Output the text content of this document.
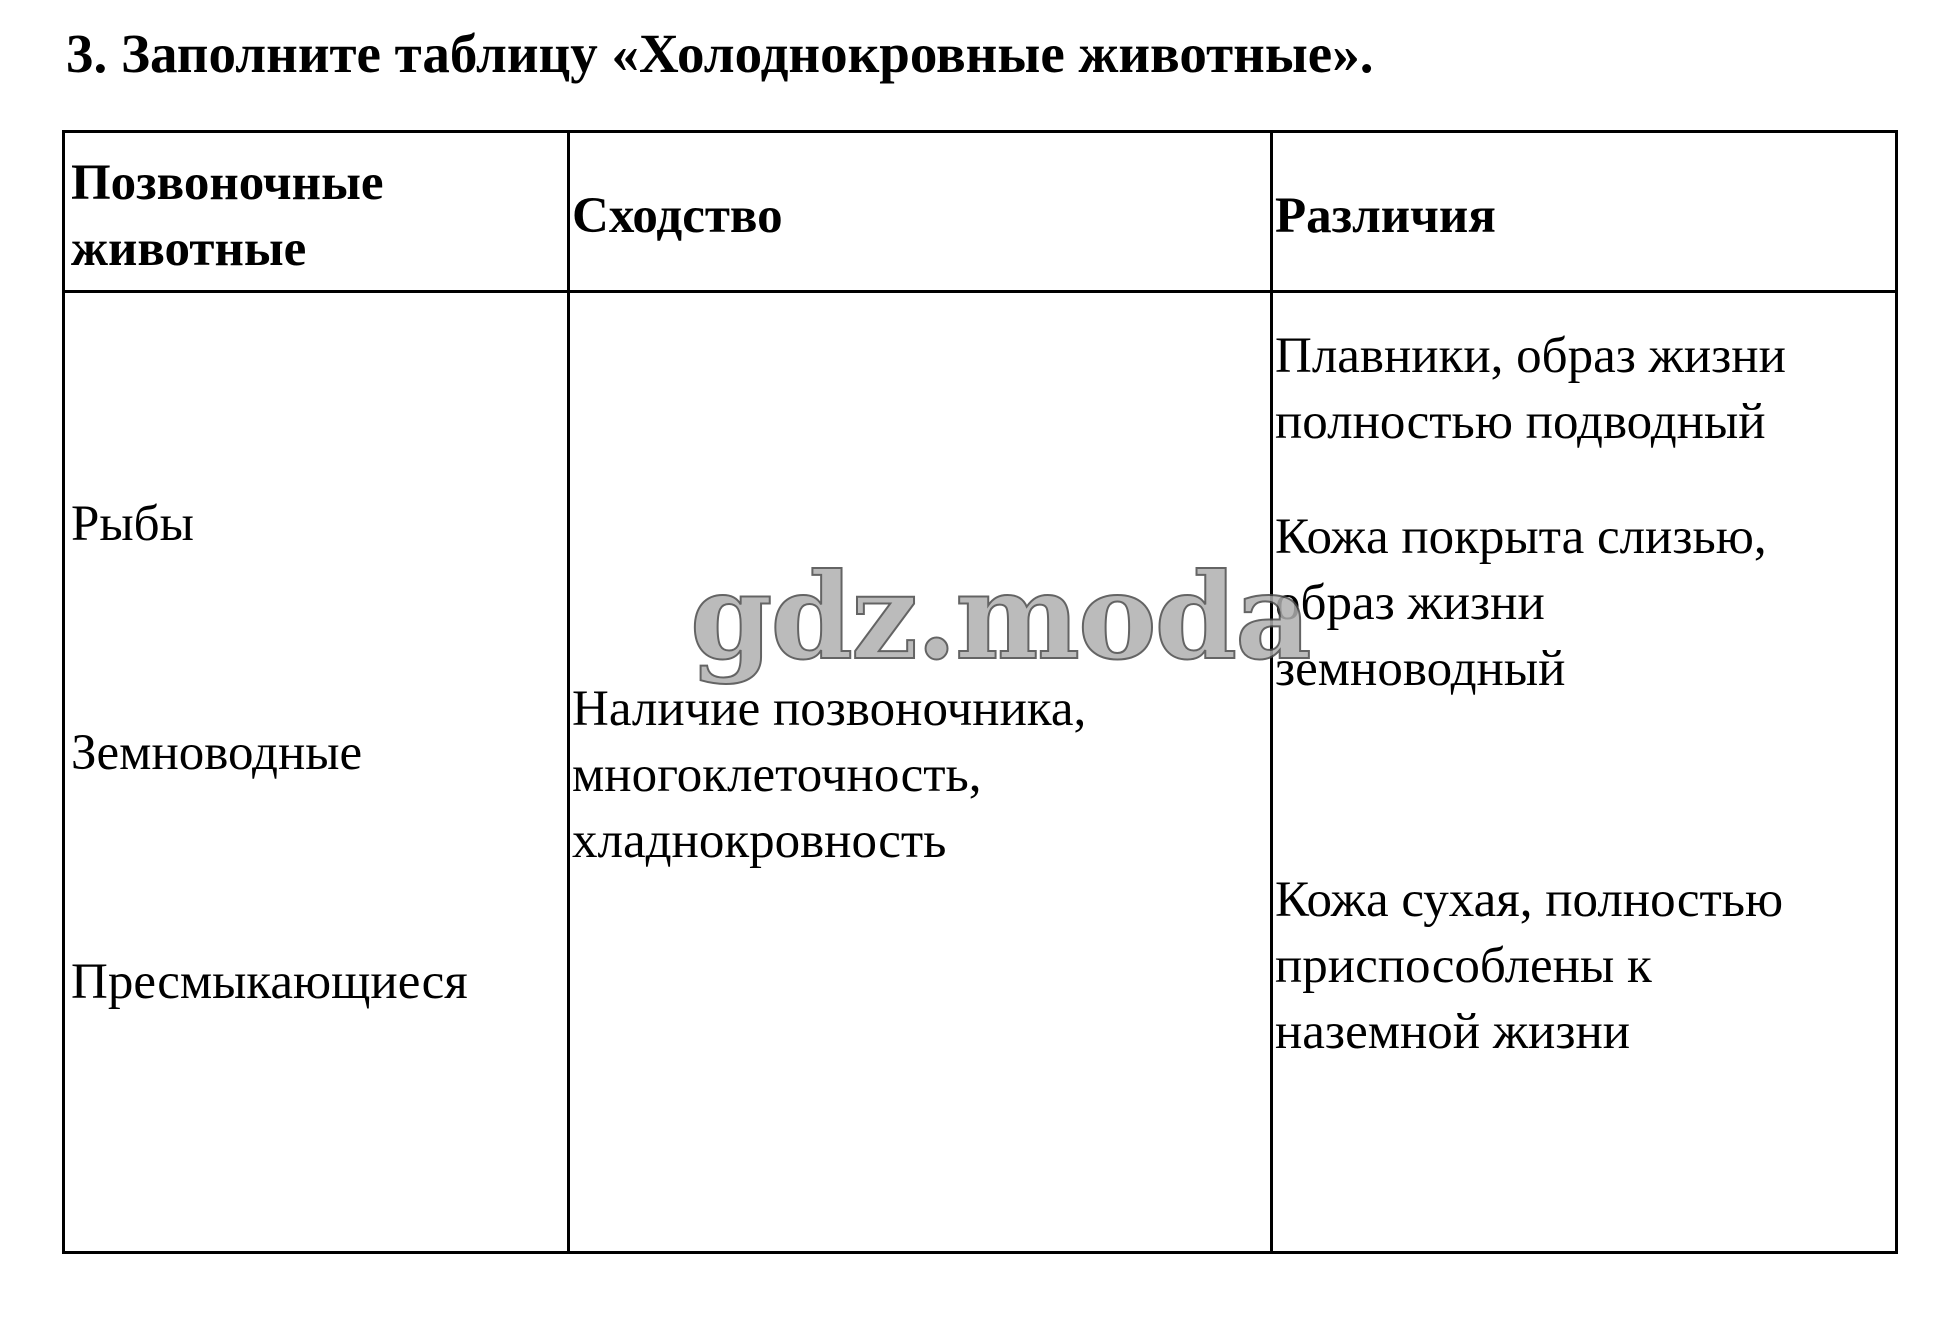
3. Заполните таблицу «Холоднокровные животные».
Позвоночные
животные
Сходство	Различия
Рыбы
Земноводные
Пресмыкающиеся
Наличие позвоночника,
многоклеточность,
хладнокровность
Плавники, образ жизни
полностью подводный
Кожа покрыта слизью,
образ жизни
земноводный
Кожа сухая, полностью
приспособлены к
наземной жизни
gdz.moda
